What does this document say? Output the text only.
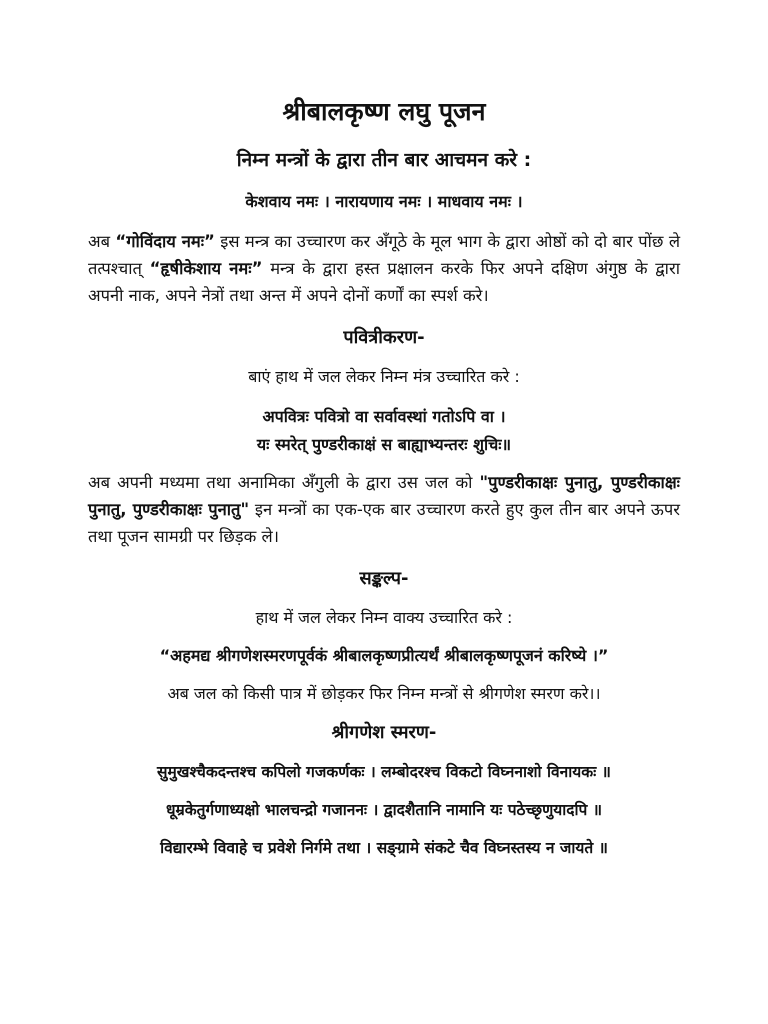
श्रीबालकृष्ण लघु पूजन
निम्न मन्त्रों के द्वारा तीन बार आचमन करे :
केशवाय नमः । नारायणाय नमः । माधवाय नमः ।

अब “गोविंदाय नमः” इस मन्त्र का उच्चारण कर अँगूठे के मूल भाग के द्वारा ओष्ठों को दो बार पोंछ ले तत्पश्चात् “हृषीकेशाय नमः” मन्त्र के द्वारा हस्त प्रक्षालन करके फिर अपने दक्षिण अंगुष्ठ के द्वारा अपनी नाक, अपने नेत्रों तथा अन्त में अपने दोनों कर्णों का स्पर्श करे।

पवित्रीकरण-
बाएं हाथ में जल लेकर निम्न मंत्र उच्चारित करे :
अपवित्रः पवित्रो वा सर्वावस्थां गतोऽपि वा ।
यः स्मरेत् पुण्डरीकाक्षं स बाह्याभ्यन्तरः शुचिः॥

अब अपनी मध्यमा तथा अनामिका अँगुली के द्वारा उस जल को "पुण्डरीकाक्षः पुनातु, पुण्डरीकाक्षः पुनातु, पुण्डरीकाक्षः पुनातु" इन मन्त्रों का एक-एक बार उच्चारण करते हुए कुल तीन बार अपने ऊपर तथा पूजन सामग्री पर छिड़क ले।

सङ्कल्प-
हाथ में जल लेकर निम्न वाक्य उच्चारित करे :
“अहमद्य श्रीगणेशस्मरणपूर्वकं श्रीबालकृष्णप्रीत्यर्थं श्रीबालकृष्णपूजनं करिष्ये ।”
अब जल को किसी पात्र में छोड़कर फिर निम्न मन्त्रों से श्रीगणेश स्मरण करे।।
श्रीगणेश स्मरण-
सुमुखश्चैकदन्तश्च कपिलो गजकर्णकः । लम्बोदरश्च विकटो विघ्ननाशो विनायकः ॥
धूम्रकेतुर्गणाध्यक्षो भालचन्द्रो गजाननः । द्वादशैतानि नामानि यः पठेच्छृणुयादपि ॥
विद्यारम्भे विवाहे च प्रवेशे निर्गमे तथा । सङ्ग्रामे संकटे चैव विघ्नस्तस्य न जायते ॥
